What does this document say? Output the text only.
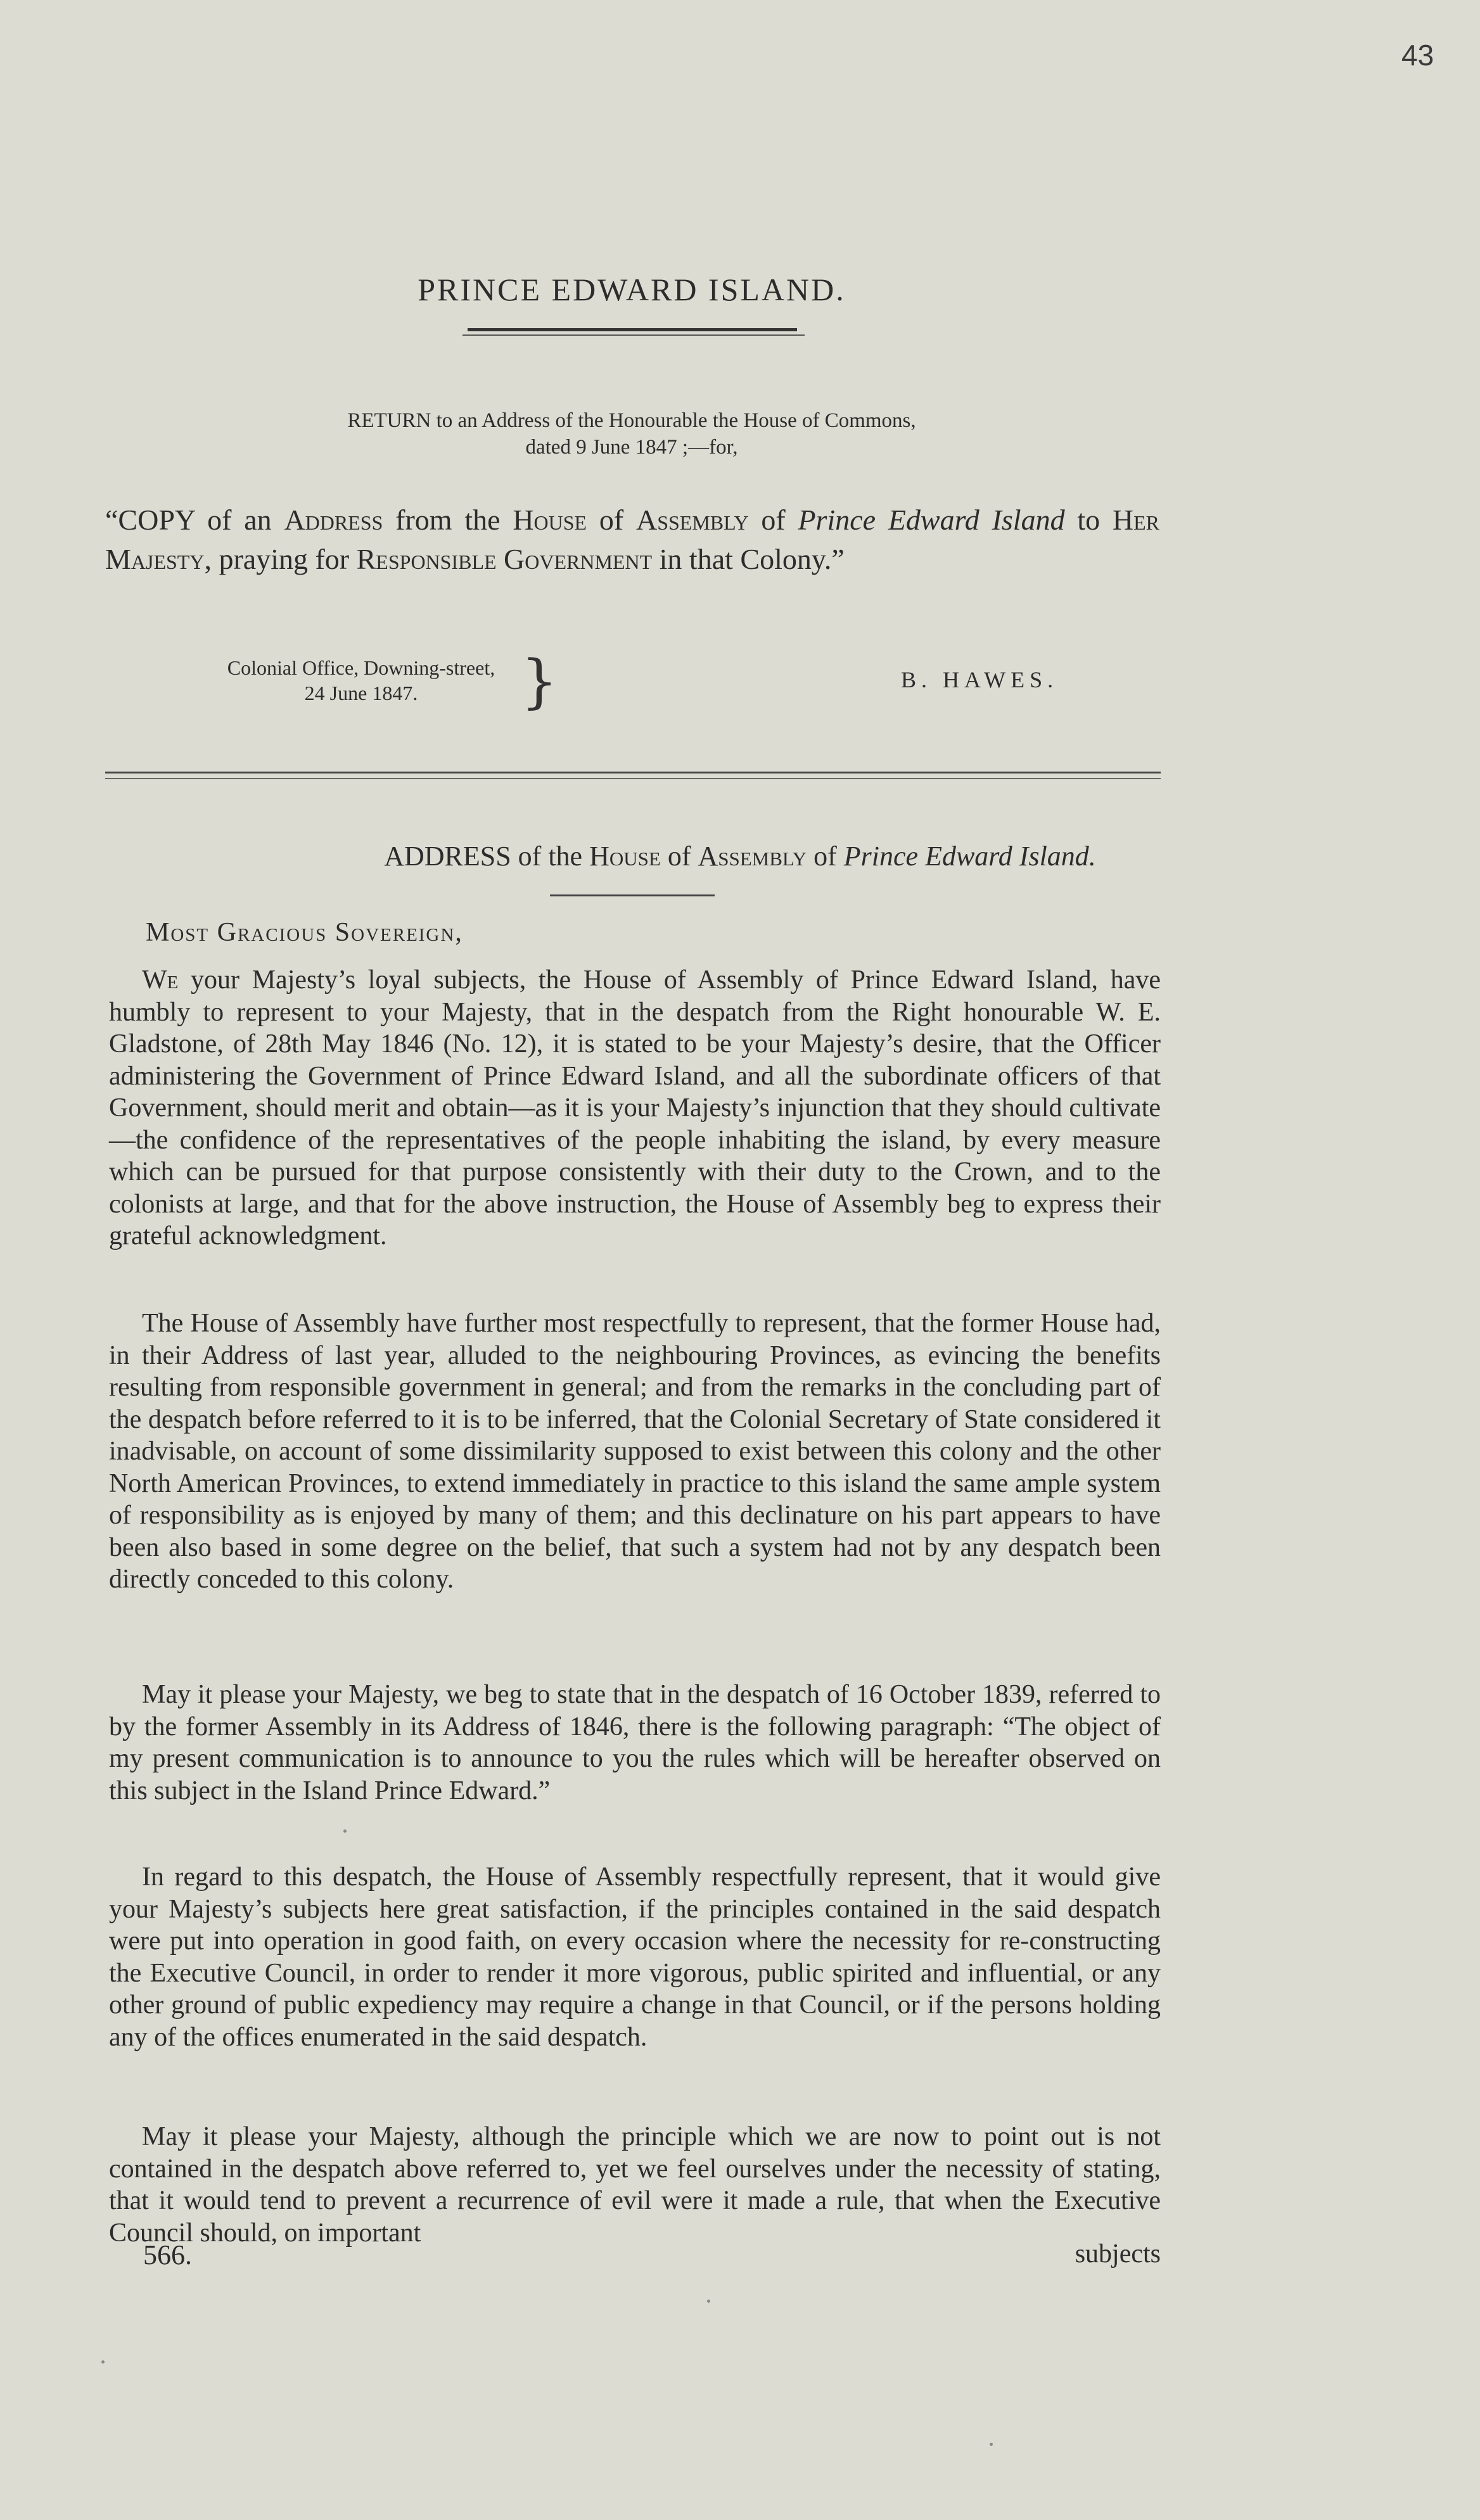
43
PRINCE EDWARD ISLAND.
RETURN to an Address of the Honourable the House of Commons,
dated 9 June 1847 ;—for,
“COPY of an Address from the House of Assembly of Prince Edward Island to Her Majesty, praying for Responsible Government in that Colony.”
Colonial Office, Downing-street,
24 June 1847.	}	B. HAWES.
ADDRESS of the House of Assembly of Prince Edward Island.
Most Gracious Sovereign,
We your Majesty’s loyal subjects, the House of Assembly of Prince Edward Island, have humbly to represent to your Majesty, that in the despatch from the Right honourable W. E. Gladstone, of 28th May 1846 (No. 12), it is stated to be your Majesty’s desire, that the Officer administering the Government of Prince Edward Island, and all the subordinate officers of that Government, should merit and obtain—as it is your Majesty’s injunction that they should cultivate—the confidence of the representatives of the people inhabiting the island, by every measure which can be pursued for that purpose consistently with their duty to the Crown, and to the colonists at large, and that for the above instruction, the House of Assembly beg to express their grateful acknowledgment.
The House of Assembly have further most respectfully to represent, that the former House had, in their Address of last year, alluded to the neighbouring Provinces, as evincing the benefits resulting from responsible government in general; and from the remarks in the concluding part of the despatch before referred to it is to be inferred, that the Colonial Secretary of State considered it inadvisable, on account of some dissimilarity supposed to exist between this colony and the other North American Provinces, to extend immediately in practice to this island the same ample system of responsibility as is enjoyed by many of them; and this declinature on his part appears to have been also based in some degree on the belief, that such a system had not by any despatch been directly conceded to this colony.
May it please your Majesty, we beg to state that in the despatch of 16 October 1839, referred to by the former Assembly in its Address of 1846, there is the following paragraph: “The object of my present communication is to announce to you the rules which will be hereafter observed on this subject in the Island Prince Edward.”
In regard to this despatch, the House of Assembly respectfully represent, that it would give your Majesty’s subjects here great satisfaction, if the principles contained in the said despatch were put into operation in good faith, on every occasion where the necessity for re-constructing the Executive Council, in order to render it more vigorous, public spirited and influential, or any other ground of public expediency may require a change in that Council, or if the persons holding any of the offices enumerated in the said despatch.
May it please your Majesty, although the principle which we are now to point out is not contained in the despatch above referred to, yet we feel ourselves under the necessity of stating, that it would tend to prevent a recurrence of evil were it made a rule, that when the Executive Council should, on important
566.	subjects
